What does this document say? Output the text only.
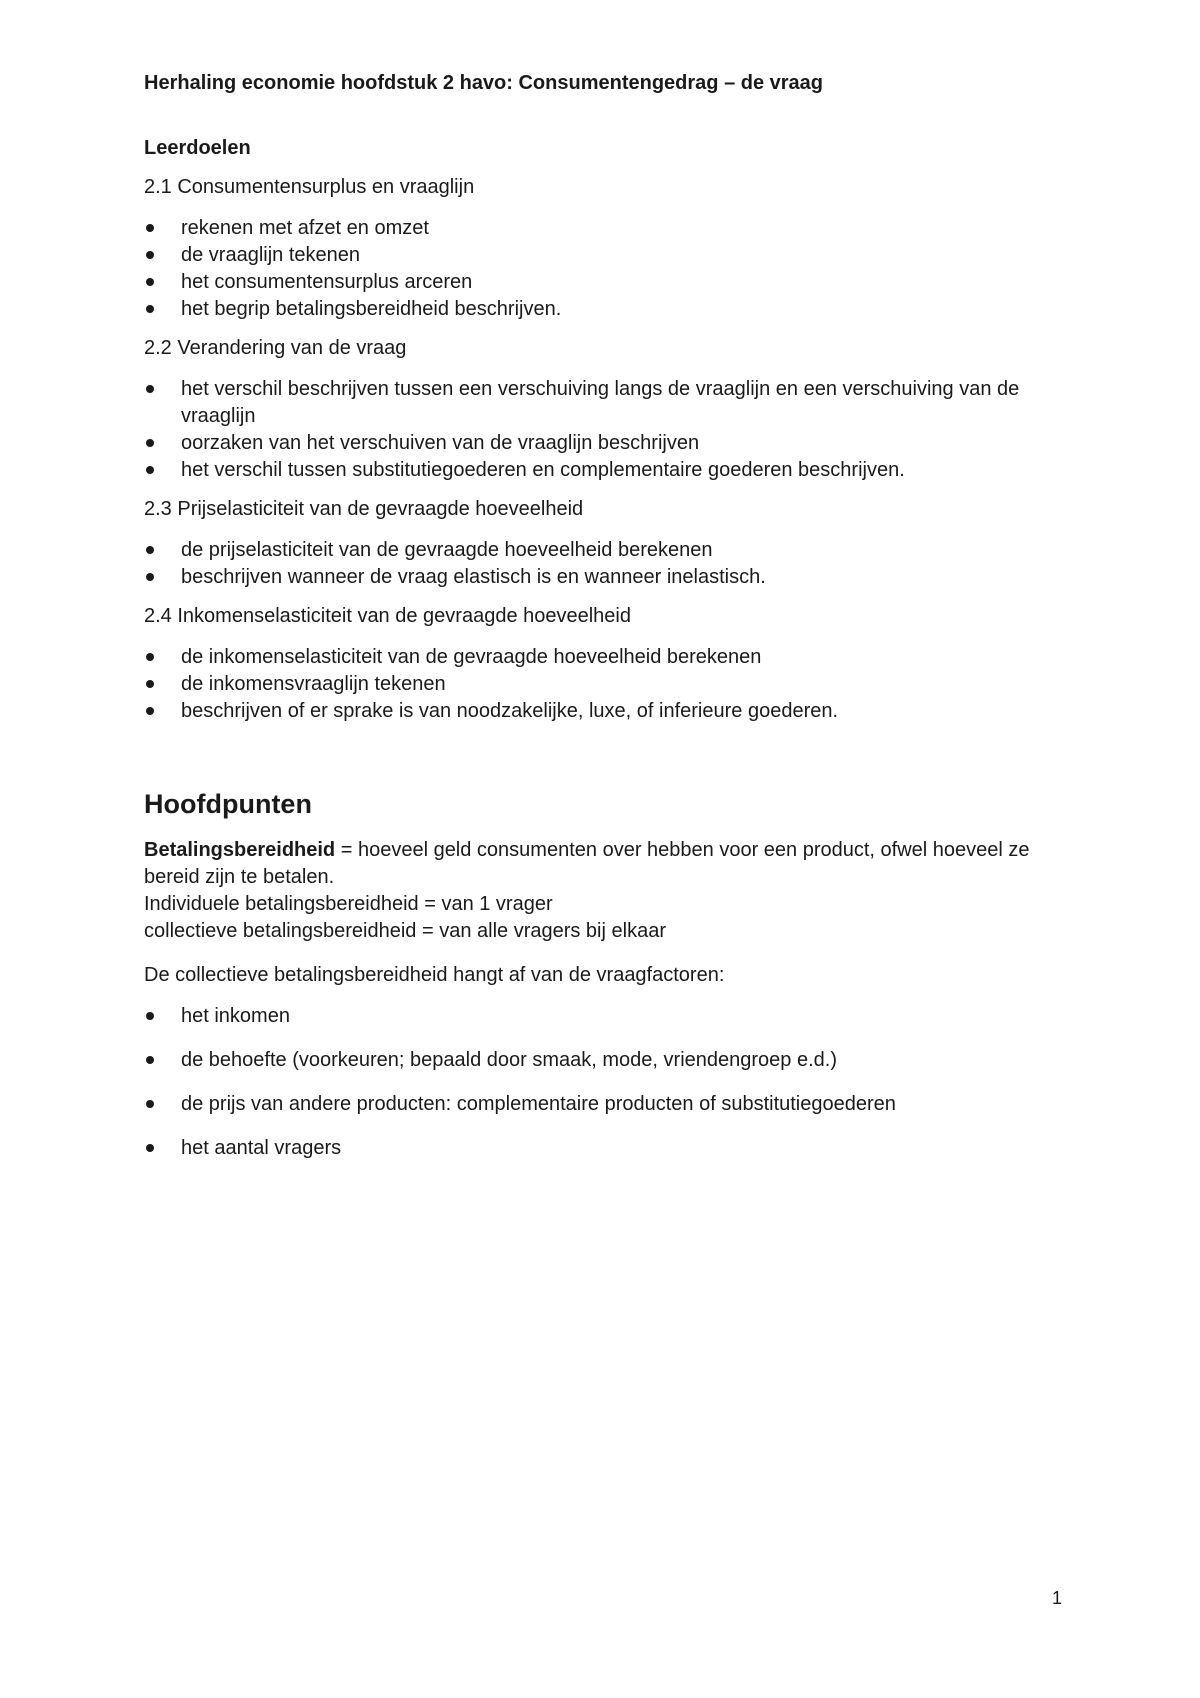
Herhaling economie hoofdstuk 2 havo: Consumentengedrag – de vraag

Leerdoelen

2.1 Consumentensurplus en vraaglijn

rekenen met afzet en omzet
de vraaglijn tekenen
het consumentensurplus arceren
het begrip betalingsbereidheid beschrijven.

2.2 Verandering van de vraag

het verschil beschrijven tussen een verschuiving langs de vraaglijn en een verschuiving van de vraaglijn
oorzaken van het verschuiven van de vraaglijn beschrijven
het verschil tussen substitutiegoederen en complementaire goederen beschrijven.

2.3 Prijselasticiteit van de gevraagde hoeveelheid

de prijselasticiteit van de gevraagde hoeveelheid berekenen
beschrijven wanneer de vraag elastisch is en wanneer inelastisch.

2.4 Inkomenselasticiteit van de gevraagde hoeveelheid

de inkomenselasticiteit van de gevraagde hoeveelheid berekenen
de inkomensvraaglijn tekenen
beschrijven of er sprake is van noodzakelijke, luxe, of inferieure goederen.

Hoofdpunten

Betalingsbereidheid = hoeveel geld consumenten over hebben voor een product, ofwel hoeveel ze bereid zijn te betalen.

Individuele betalingsbereidheid = van 1 vrager

collectieve betalingsbereidheid = van alle vragers bij elkaar

De collectieve betalingsbereidheid hangt af van de vraagfactoren:

het inkomen
de behoefte (voorkeuren; bepaald door smaak, mode, vriendengroep e.d.)
de prijs van andere producten: complementaire producten of substitutiegoederen
het aantal vragers
1
